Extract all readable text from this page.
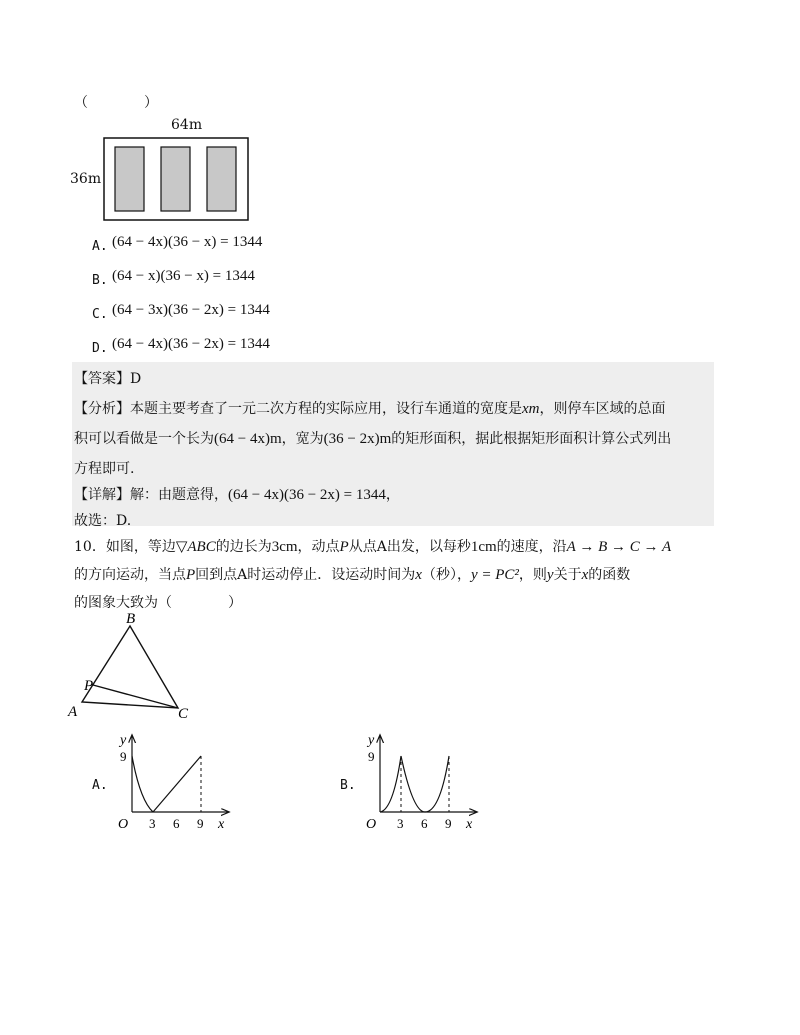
（　　　　）
64m
36m
A. (64 − 4x)(36 − x) = 1344
B. (64 − x)(36 − x) = 1344
C. (64 − 3x)(36 − 2x) = 1344
D. (64 − 4x)(36 − 2x) = 1344
【答案】D
【分析】本题主要考查了一元二次方程的实际应用，设行车通道的宽度是xm，则停车区域的总面
积可以看做是一个长为(64 − 4x)m，宽为(36 − 2x)m的矩形面积，据此根据矩形面积计算公式列出
方程即可.
【详解】解：由题意得，(64 − 4x)(36 − 2x) = 1344，
故选：D.
10．如图，等边▽ABC的边长为3cm，动点P从点A出发，以每秒1cm的速度，沿A → B → C → A
的方向运动，当点P回到点A时运动停止．设运动时间为x（秒），y = PC²，则y关于x的函数
的图象大致为（　　　　）
B
A	C
P
A.
y
9
O 3 6 9 x
B.
y
9
O 3 6 9 x
